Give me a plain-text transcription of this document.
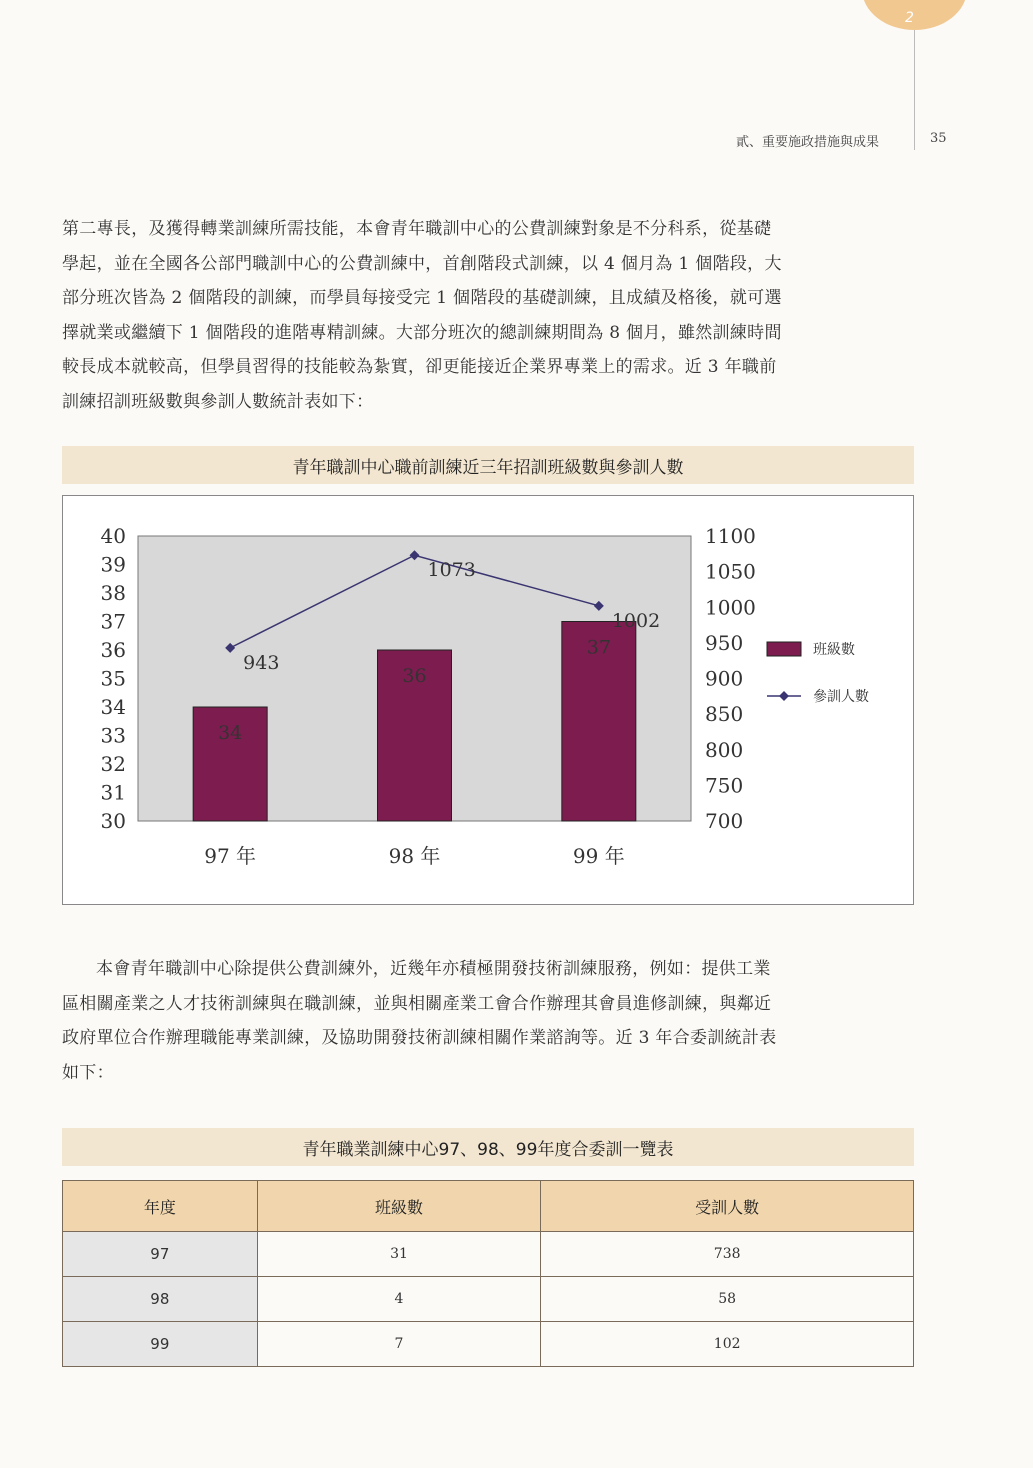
2
貳、重要施政措施與成果	35

第二專長，及獲得轉業訓練所需技能，本會青年職訓中心的公費訓練對象是不分科系，從基礎

學起，並在全國各公部門職訓中心的公費訓練中，首創階段式訓練，以 4 個月為 1 個階段，大

部分班次皆為 2 個階段的訓練，而學員每接受完 1 個階段的基礎訓練，且成績及格後，就可選

擇就業或繼續下 1 個階段的進階專精訓練。大部分班次的總訓練期間為 8 個月，雖然訓練時間

較長成本就較高，但學員習得的技能較為紮實，卻更能接近企業界專業上的需求。近 3 年職前

訓練招訓班級數與參訓人數統計表如下：

青年職訓中心職前訓練近三年招訓班級數與參訓人數
40
39
38
37
36
35
34
33
32
31
30
1100
1050
1000
950
900
850
800
750
700
34
36
37
97 年	98 年	99 年
943
1073
1002
班級數
參訓人數

本會青年職訓中心除提供公費訓練外，近幾年亦積極開發技術訓練服務，例如：提供工業

區相關產業之人才技術訓練與在職訓練，並與相關產業工會合作辦理其會員進修訓練，與鄰近

政府單位合作辦理職能專業訓練，及協助開發技術訓練相關作業諮詢等。近 3 年合委訓統計表

如下：

青年職業訓練中心97、98、99年度合委訓一覽表
年度	班級數	受訓人數
97	31	738
98	4	58
99	7	102
